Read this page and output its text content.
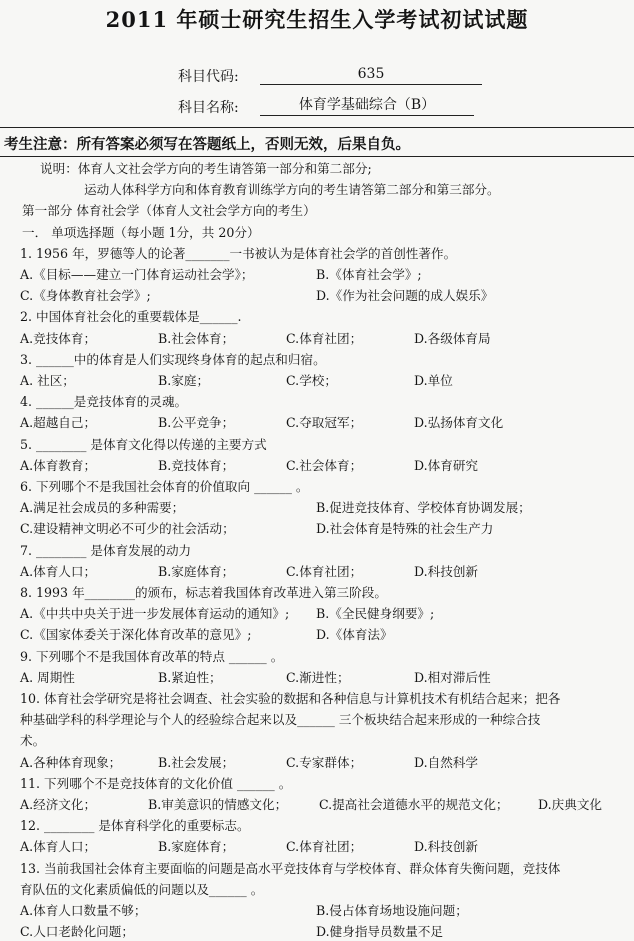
2011 年硕士研究生招生入学考试初试试题
科目代码:	635
科目名称:	体育学基础综合（B）
考生注意：所有答案必须写在答题纸上，否则无效，后果自负。
说明：体育人文社会学方向的考生请答第一部分和第二部分;
运动人体科学方向和体育教育训练学方向的考生请答第二部分和第三部分。
第一部分 体育社会学（体育人文社会学方向的考生）
一． 单项选择题（每小题 1分，共 20分）
1. 1956 年，罗德等人的论著_______一书被认为是体育社会学的首创性著作。
A.《目标——建立一门体育运动社会学》；	B.《体育社会学》;
C.《身体教育社会学》;	D.《作为社会问题的成人娱乐》
2. 中国体育社会化的重要载体是______.
A.竞技体育；	B.社会体育；	C.体育社团；	D.各级体育局
3. ______中的体育是人们实现终身体育的起点和归宿。
A. 社区；	B.家庭；	C.学校；	D.单位
4. ______是竞技体育的灵魂。
A.超越自己；	B.公平竞争；	C.夺取冠军；	D.弘扬体育文化
5. ________ 是体育文化得以传递的主要方式
A.体育教育；	B.竞技体育；	C.社会体育；	D.体育研究
6. 下列哪个不是我国社会体育的价值取向 ______ 。
A.满足社会成员的多种需要；	B.促进竞技体育、学校体育协调发展；
C.建设精神文明必不可少的社会活动；	D.社会体育是特殊的社会生产力
7. ________ 是体育发展的动力
A.体育人口；	B.家庭体育；	C.体育社团；	D.科技创新
8. 1993 年________的颁布，标志着我国体育改革进入第三阶段。
A.《中共中央关于进一步发展体育运动的通知》; B.《全民健身纲要》;
C.《国家体委关于深化体育改革的意见》;	D.《体育法》
9. 下列哪个不是我国体育改革的特点 ______ 。
A. 周期性	B.紧迫性；	C.渐进性；	D.相对滞后性
10. 体育社会学研究是将社会调查、社会实验的数据和各种信息与计算机技术有机结合起来；把各
种基础学科的科学理论与个人的经验综合起来以及______ 三个板块结合起来形成的一种综合技
术。
A.各种体育现象；	B.社会发展；	C.专家群体；	D.自然科学
11. 下列哪个不是竞技体育的文化价值 ______ 。
A.经济文化；	B.审美意识的情感文化；	C.提高社会道德水平的规范文化； D.庆典文化
12. ________ 是体育科学化的重要标志。
A.体育人口；	B.家庭体育；	C.体育社团；	D.科技创新
13. 当前我国社会体育主要面临的问题是高水平竞技体育与学校体育、群众体育失衡问题，竞技体
育队伍的文化素质偏低的问题以及______ 。
A.体育人口数量不够；	B.侵占体育场地设施问题；
C.人口老龄化问题；	D.健身指导员数量不足
